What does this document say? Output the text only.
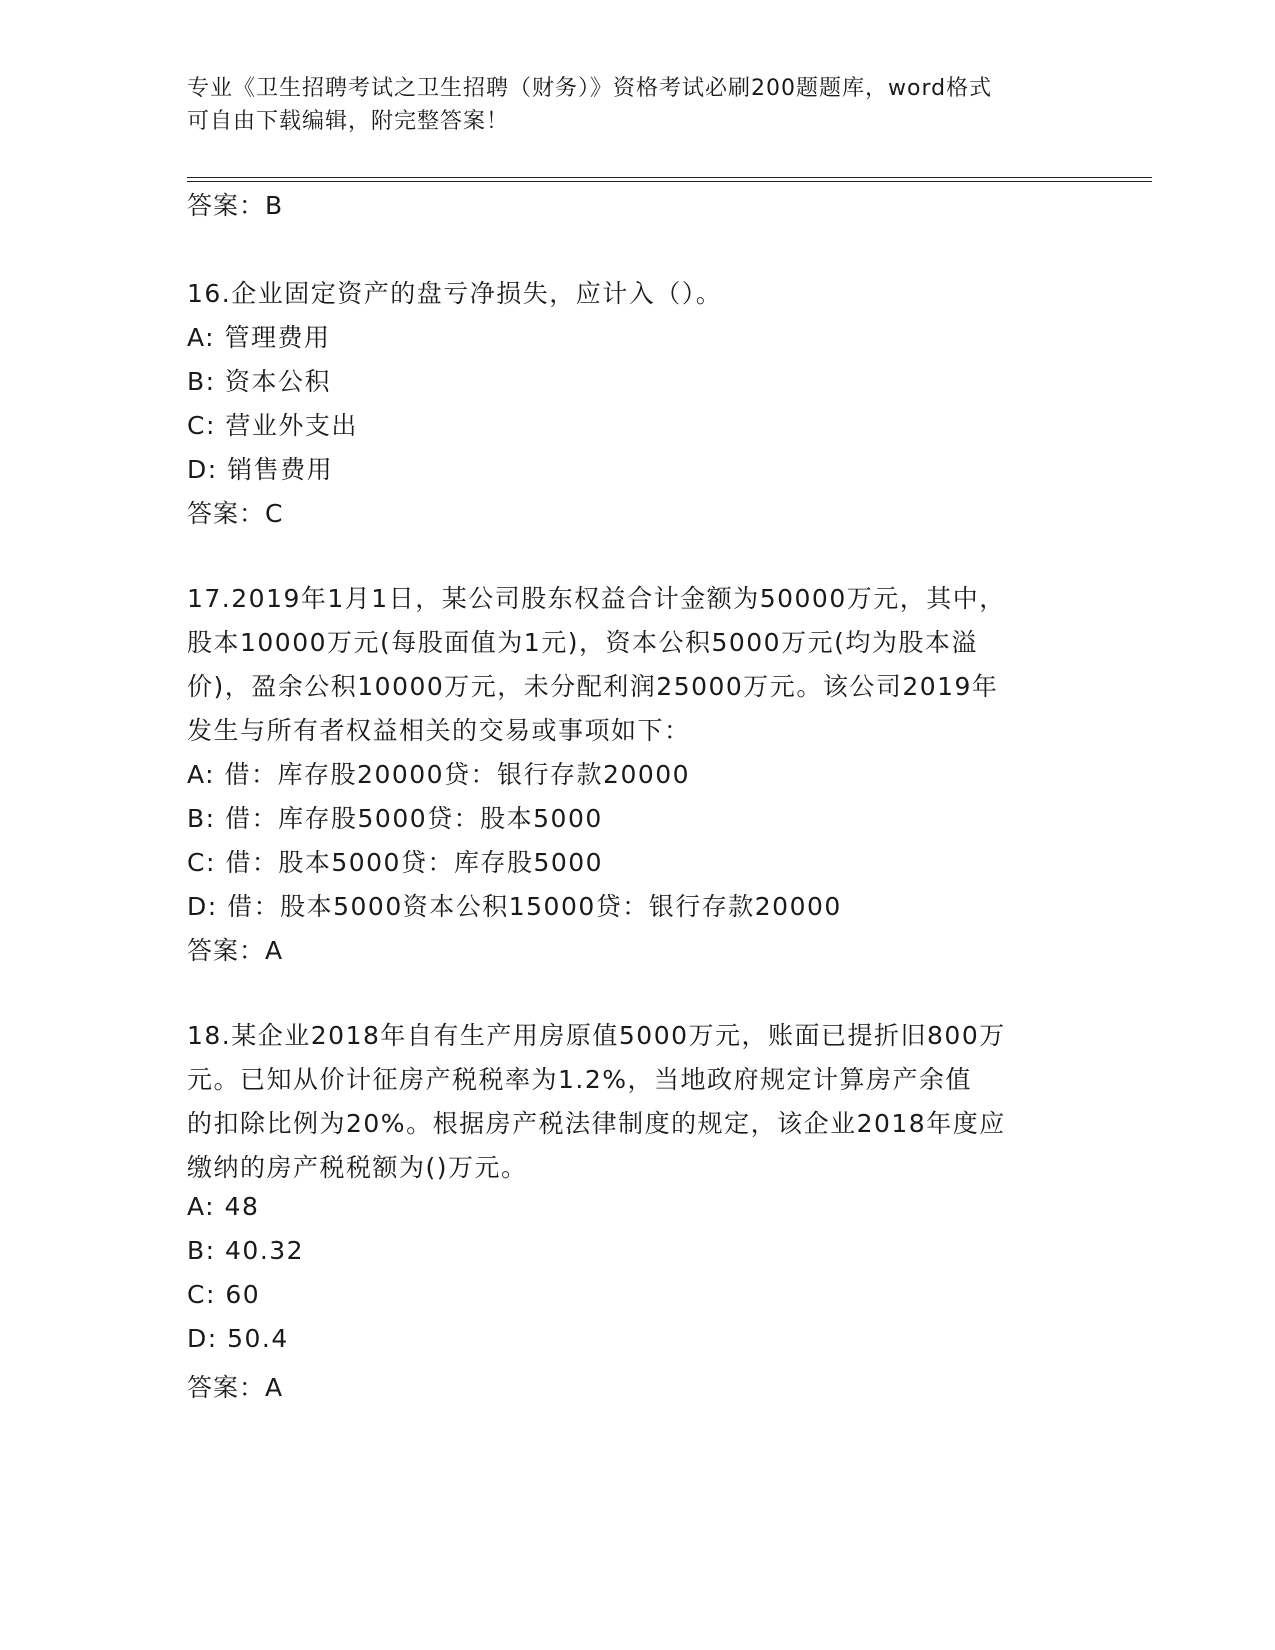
专业《卫生招聘考试之卫生招聘（财务）》资格考试必刷200题题库，word格式
可自由下载编辑，附完整答案！
答案：B
16.企业固定资产的盘亏净损失，应计入（）。
A: 管理费用
B: 资本公积
C: 营业外支出
D: 销售费用
答案：C
17.2019年1月1日，某公司股东权益合计金额为50000万元，其中，
股本10000万元(每股面值为1元)，资本公积5000万元(均为股本溢
价)，盈余公积10000万元，未分配利润25000万元。该公司2019年
发生与所有者权益相关的交易或事项如下：
A: 借：库存股20000贷：银行存款20000
B: 借：库存股5000贷：股本5000
C: 借：股本5000贷：库存股5000
D: 借：股本5000资本公积15000贷：银行存款20000
答案：A
18.某企业2018年自有生产用房原值5000万元，账面已提折旧800万
元。已知从价计征房产税税率为1.2%，当地政府规定计算房产余值
的扣除比例为20%。根据房产税法律制度的规定，该企业2018年度应
缴纳的房产税税额为()万元。
A: 48
B: 40.32
C: 60
D: 50.4
答案：A
